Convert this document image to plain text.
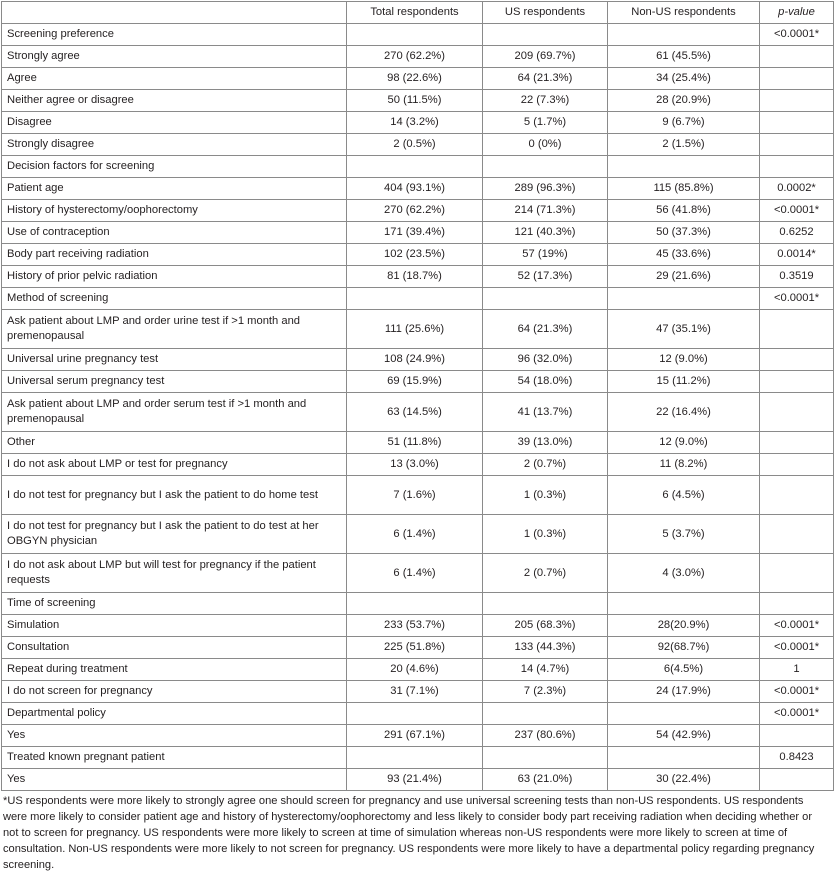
	Total respondents	US respondents	Non-US respondents	p-value
Screening preference				<0.0001*
Strongly agree	270 (62.2%)	209 (69.7%)	61 (45.5%)	
Agree	98 (22.6%)	64 (21.3%)	34 (25.4%)	
Neither agree or disagree	50 (11.5%)	22 (7.3%)	28 (20.9%)	
Disagree	14 (3.2%)	5 (1.7%)	9 (6.7%)	
Strongly disagree	2 (0.5%)	0 (0%)	2 (1.5%)	
Decision factors for screening				
Patient age	404 (93.1%)	289 (96.3%)	115 (85.8%)	0.0002*
History of hysterectomy/oophorectomy	270 (62.2%)	214 (71.3%)	56 (41.8%)	<0.0001*
Use of contraception	171 (39.4%)	121 (40.3%)	50 (37.3%)	0.6252
Body part receiving radiation	102 (23.5%)	57 (19%)	45 (33.6%)	0.0014*
History of prior pelvic radiation	81 (18.7%)	52 (17.3%)	29 (21.6%)	0.3519
Method of screening				<0.0001*
Ask patient about LMP and order urine test if >1 month and premenopausal	111 (25.6%)	64 (21.3%)	47 (35.1%)	
Universal urine pregnancy test	108 (24.9%)	96 (32.0%)	12 (9.0%)	
Universal serum pregnancy test	69 (15.9%)	54 (18.0%)	15 (11.2%)	
Ask patient about LMP and order serum test if >1 month and premenopausal	63 (14.5%)	41 (13.7%)	22 (16.4%)	
Other	51 (11.8%)	39 (13.0%)	12 (9.0%)	
I do not ask about LMP or test for pregnancy	13 (3.0%)	2 (0.7%)	11 (8.2%)	
I do not test for pregnancy but I ask the patient to do home test	7 (1.6%)	1 (0.3%)	6 (4.5%)	
I do not test for pregnancy but I ask the patient to do test at her OBGYN physician	6 (1.4%)	1 (0.3%)	5 (3.7%)	
I do not ask about LMP but will test for pregnancy if the patient requests	6 (1.4%)	2 (0.7%)	4 (3.0%)	
Time of screening				
Simulation	233 (53.7%)	205 (68.3%)	28(20.9%)	<0.0001*
Consultation	225 (51.8%)	133 (44.3%)	92(68.7%)	<0.0001*
Repeat during treatment	20 (4.6%)	14 (4.7%)	6(4.5%)	1
I do not screen for pregnancy	31 (7.1%)	7 (2.3%)	24 (17.9%)	<0.0001*
Departmental policy				<0.0001*
Yes	291 (67.1%)	237 (80.6%)	54 (42.9%)	
Treated known pregnant patient				0.8423
Yes	93 (21.4%)	63 (21.0%)	30 (22.4%)	
*US respondents were more likely to strongly agree one should screen for pregnancy and use universal screening tests than non-US respondents. US respondents were more likely to consider patient age and history of hysterectomy/oophorectomy and less likely to consider body part receiving radiation when deciding whether or not to screen for pregnancy. US respondents were more likely to screen at time of simulation whereas non-US respondents were more likely to screen at time of consultation. Non-US respondents were more likely to not screen for pregnancy. US respondents were more likely to have a departmental policy regarding pregnancy screening.
